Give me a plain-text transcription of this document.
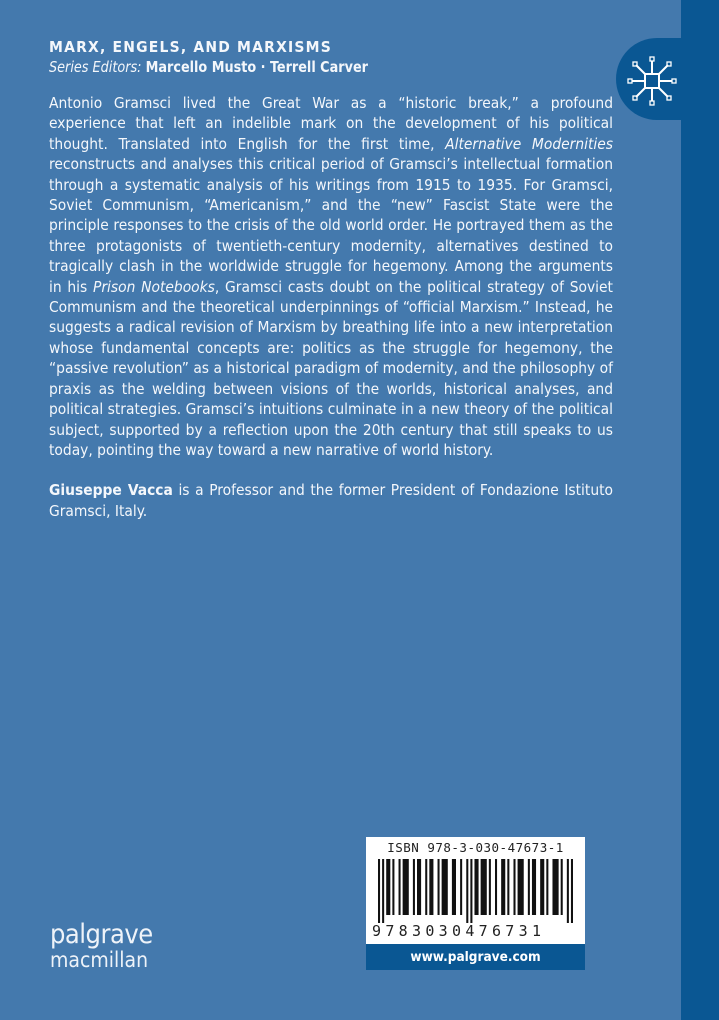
MARX, ENGELS, AND MARXISMS
Series Editors: Marcello Musto · Terrell Carver

Antonio Gramsci lived the Great War as a “historic break,” a profound experience that left an indelible mark on the development of his political thought. Translated into English for the first time, Alternative Modernities reconstructs and analyses this critical period of Gramsci’s intellectual formation through a systematic analysis of his writings from 1915 to 1935. For Gramsci, Soviet Communism, “Americanism,” and the “new” Fascist State were the principle responses to the crisis of the old world order. He portrayed them as the three protagonists of twentieth-century modernity, alternatives destined to tragically clash in the worldwide struggle for hegemony. Among the arguments in his Prison Notebooks, Gramsci casts doubt on the political strategy of Soviet Communism and the theoretical underpinnings of “official Marxism.” Instead, he suggests a radical revision of Marxism by breathing life into a new interpretation whose fundamental concepts are: politics as the struggle for hegemony, the “passive revolution” as a historical paradigm of modernity, and the philosophy of praxis as the welding between visions of the worlds, historical analyses, and political strategies. Gramsci’s intuitions culminate in a new theory of the political subject, supported by a reflection upon the 20th century that still speaks to us today, pointing the way toward a new narrative of world history.

Giuseppe Vacca is a Professor and the former President of Fondazione Istituto Gramsci, Italy.

ISBN 978-3-030-47673-1
9783030476731
www.palgrave.com
palgrave
macmillan
